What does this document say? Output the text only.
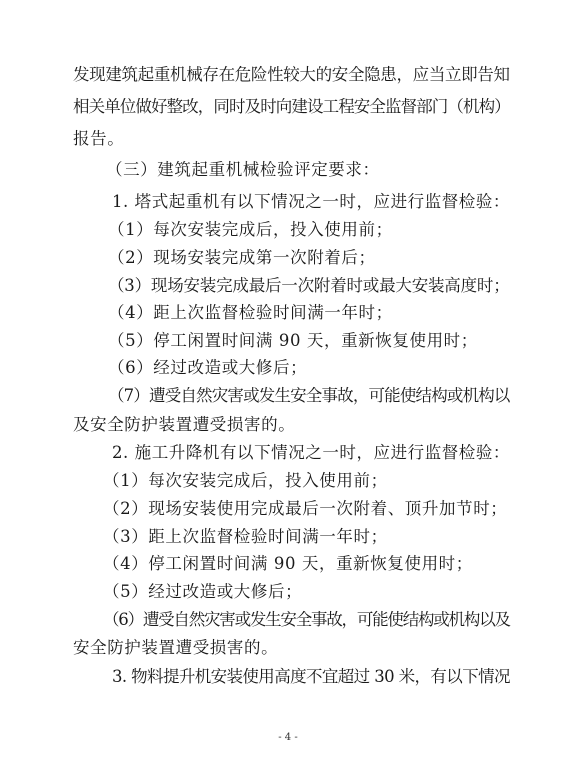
发现建筑起重机械存在危险性较大的安全隐患，应当立即告知
相关单位做好整改，同时及时向建设工程安全监督部门（机构）
报告。
（三）建筑起重机械检验评定要求：
1. 塔式起重机有以下情况之一时，应进行监督检验：
（1）每次安装完成后，投入使用前；
（2）现场安装完成第一次附着后；
（3）现场安装完成最后一次附着时或最大安装高度时；
（4）距上次监督检验时间满一年时；
（5）停工闲置时间满 90 天，重新恢复使用时；
（6）经过改造或大修后；
（7）遭受自然灾害或发生安全事故，可能使结构或机构以
及安全防护装置遭受损害的。
2. 施工升降机有以下情况之一时，应进行监督检验：
（1）每次安装完成后，投入使用前；
（2）现场安装使用完成最后一次附着、顶升加节时；
（3）距上次监督检验时间满一年时；
（4）停工闲置时间满 90 天，重新恢复使用时；
（5）经过改造或大修后；
（6）遭受自然灾害或发生安全事故，可能使结构或机构以及
安全防护装置遭受损害的。
3. 物料提升机安装使用高度不宜超过 30 米，有以下情况
- 4 -
